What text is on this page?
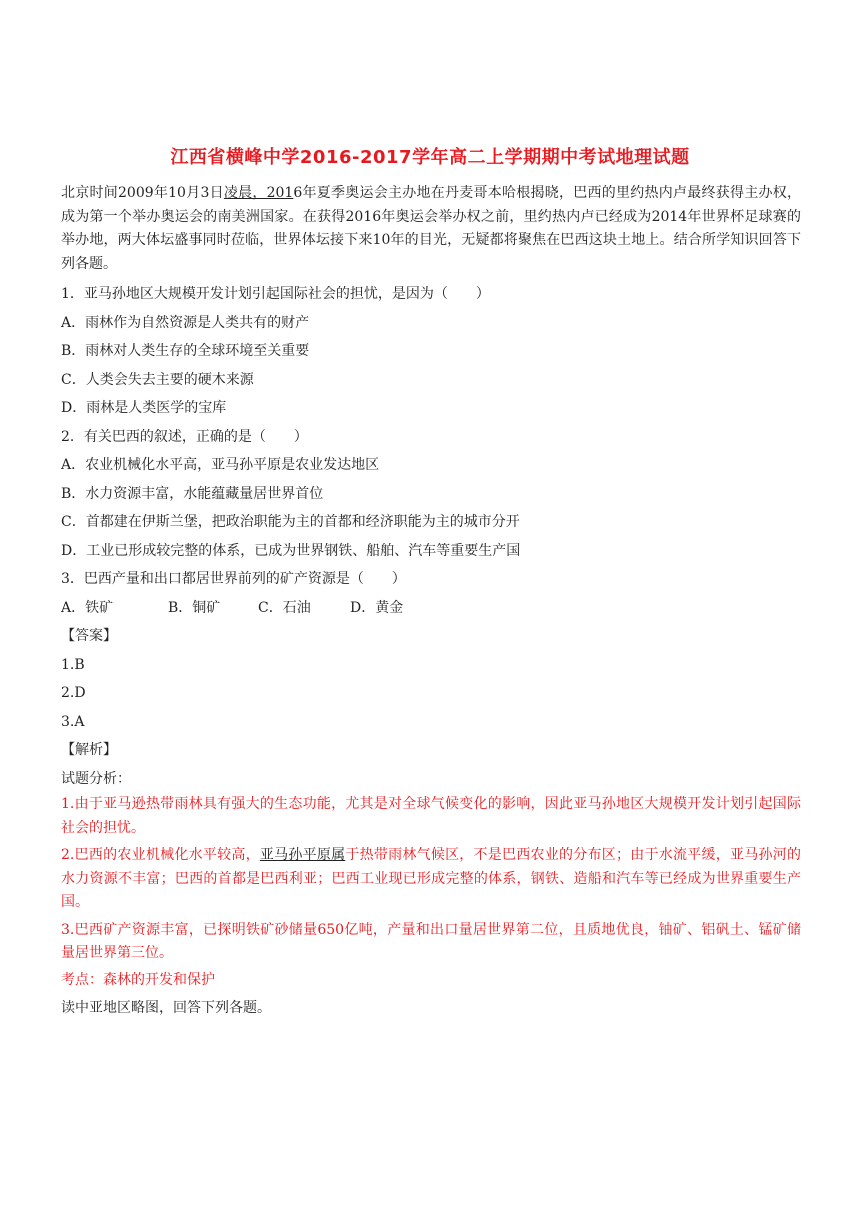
江西省横峰中学2016-2017学年高二上学期期中考试地理试题

北京时间2009年10月3日凌晨，2016年夏季奥运会主办地在丹麦哥本哈根揭晓，巴西的里约热内卢最终获得主办权，成为第一个举办奥运会的南美洲国家。在获得2016年奥运会举办权之前，里约热内卢已经成为2014年世界杯足球赛的举办地，两大体坛盛事同时莅临，世界体坛接下来10年的目光，无疑都将聚焦在巴西这块土地上。结合所学知识回答下列各题。

1．亚马孙地区大规模开发计划引起国际社会的担忧，是因为（　　）

A．雨林作为自然资源是人类共有的财产

B．雨林对人类生存的全球环境至关重要

C．人类会失去主要的硬木来源

D．雨林是人类医学的宝库

2．有关巴西的叙述，正确的是（　　）

A．农业机械化水平高，亚马孙平原是农业发达地区

B．水力资源丰富，水能蕴藏量居世界首位

C．首都建在伊斯兰堡，把政治职能为主的首都和经济职能为主的城市分开

D．工业已形成较完整的体系，已成为世界钢铁、船舶、汽车等重要生产国

3．巴西产量和出口都居世界前列的矿产资源是（　　）

A．铁矿	B．铜矿	C．石油	D．黄金

【答案】

1.B

2.D

3.A

【解析】

试题分析：

1.由于亚马逊热带雨林具有强大的生态功能，尤其是对全球气候变化的影响，因此亚马孙地区大规模开发计划引起国际社会的担忧。

2.巴西的农业机械化水平较高，亚马孙平原属于热带雨林气候区，不是巴西农业的分布区；由于水流平缓，亚马孙河的水力资源不丰富；巴西的首都是巴西利亚；巴西工业现已形成完整的体系，钢铁、造船和汽车等已经成为世界重要生产国。

3.巴西矿产资源丰富，已探明铁矿砂储量650亿吨，产量和出口量居世界第二位，且质地优良，铀矿、铝矾土、锰矿储量居世界第三位。

考点：森林的开发和保护

读中亚地区略图，回答下列各题。
